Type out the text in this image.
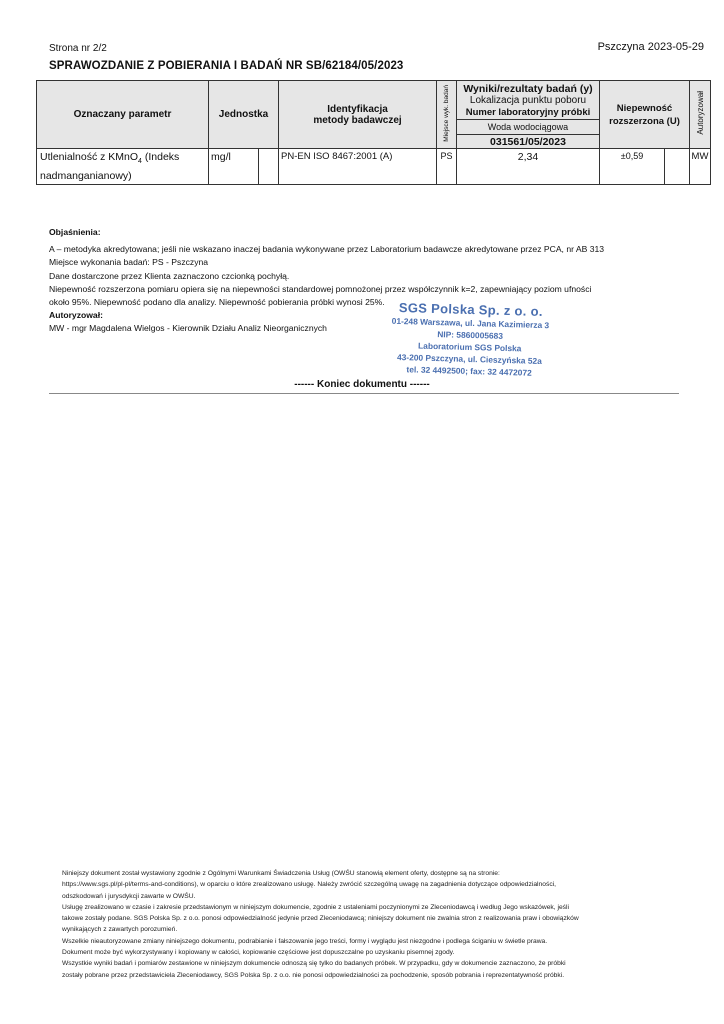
Strona nr 2/2	Pszczyna 2023-05-29
SPRAWOZDANIE Z POBIERANIA I BADAŃ NR SB/62184/05/2023
Oznaczany parametr	Jednostka		Identyfikacja metody badawczej	Miejsce wyk. badań	Wyniki/rezultaty badań (y)
Lokalizacja punktu poboru
Numer laboratoryjny próbki	Niepewność rozszerzona (U)		Autoryzował
					Woda wodociągowa			
					031561/05/2023			
Utlenialność z KMnO$_4$ (Indeks nadmanganianowy)	mg/l		PN-EN ISO 8467:2001 (A)	PS	2,34	±0,59		MW
Objaśnienia:
A – metodyka akredytowana; jeśli nie wskazano inaczej badania wykonywane przez Laboratorium badawcze akredytowane przez PCA, nr AB 313
Miejsce wykonania badań: PS - Pszczyna
Dane dostarczone przez Klienta zaznaczono czcionką pochyłą.
Niepewność rozszerzona pomiaru opiera się na niepewności standardowej pomnożonej przez współczynnik k=2, zapewniający poziom ufności
około 95%. Niepewność podano dla analizy. Niepewność pobierania próbki wynosi 25%.
Autoryzował:
MW - mgr Magdalena Wielgos - Kierownik Działu Analiz Nieorganicznych
SGS Polska Sp. z o. o.
01-248 Warszawa, ul. Jana Kazimierza 3
NIP: 5860005683
Laboratorium SGS Polska
43-200 Pszczyna, ul. Cieszyńska 52a
tel. 32 4492500; fax: 32 4472072
------ Koniec dokumentu ------
Niniejszy dokument został wystawiony zgodnie z Ogólnymi Warunkami Świadczenia Usług (OWŚU stanowią element oferty, dostępne są na stronie:
https://www.sgs.pl/pl-pl/terms-and-conditions), w oparciu o które zrealizowano usługę. Należy zwrócić szczególną uwagę na zagadnienia dotyczące odpowiedzialności,
odszkodowań i jurysdykcji zawarte w OWŚU.
Usługę zrealizowano w czasie i zakresie przedstawionym w niniejszym dokumencie, zgodnie z ustaleniami poczynionymi ze Zleceniodawcą i według Jego wskazówek, jeśli
takowe zostały podane. SGS Polska Sp. z o.o. ponosi odpowiedzialność jedynie przed Zleceniodawcą; niniejszy dokument nie zwalnia stron z realizowania praw i obowiązków
wynikających z zawartych porozumień.
Wszelkie nieautoryzowane zmiany niniejszego dokumentu, podrabianie i fałszowanie jego treści, formy i wyglądu jest niezgodne i podlega ściganiu w świetle prawa.
Dokument może być wykorzystywany i kopiowany w całości, kopiowanie częściowe jest dopuszczalne po uzyskaniu pisemnej zgody.
Wszystkie wyniki badań i pomiarów zestawione w niniejszym dokumencie odnoszą się tylko do badanych próbek. W przypadku, gdy w dokumencie zaznaczono, że próbki
zostały pobrane przez przedstawiciela Zleceniodawcy, SGS Polska Sp. z o.o. nie ponosi odpowiedzialności za pochodzenie, sposób pobrania i reprezentatywność próbki.
